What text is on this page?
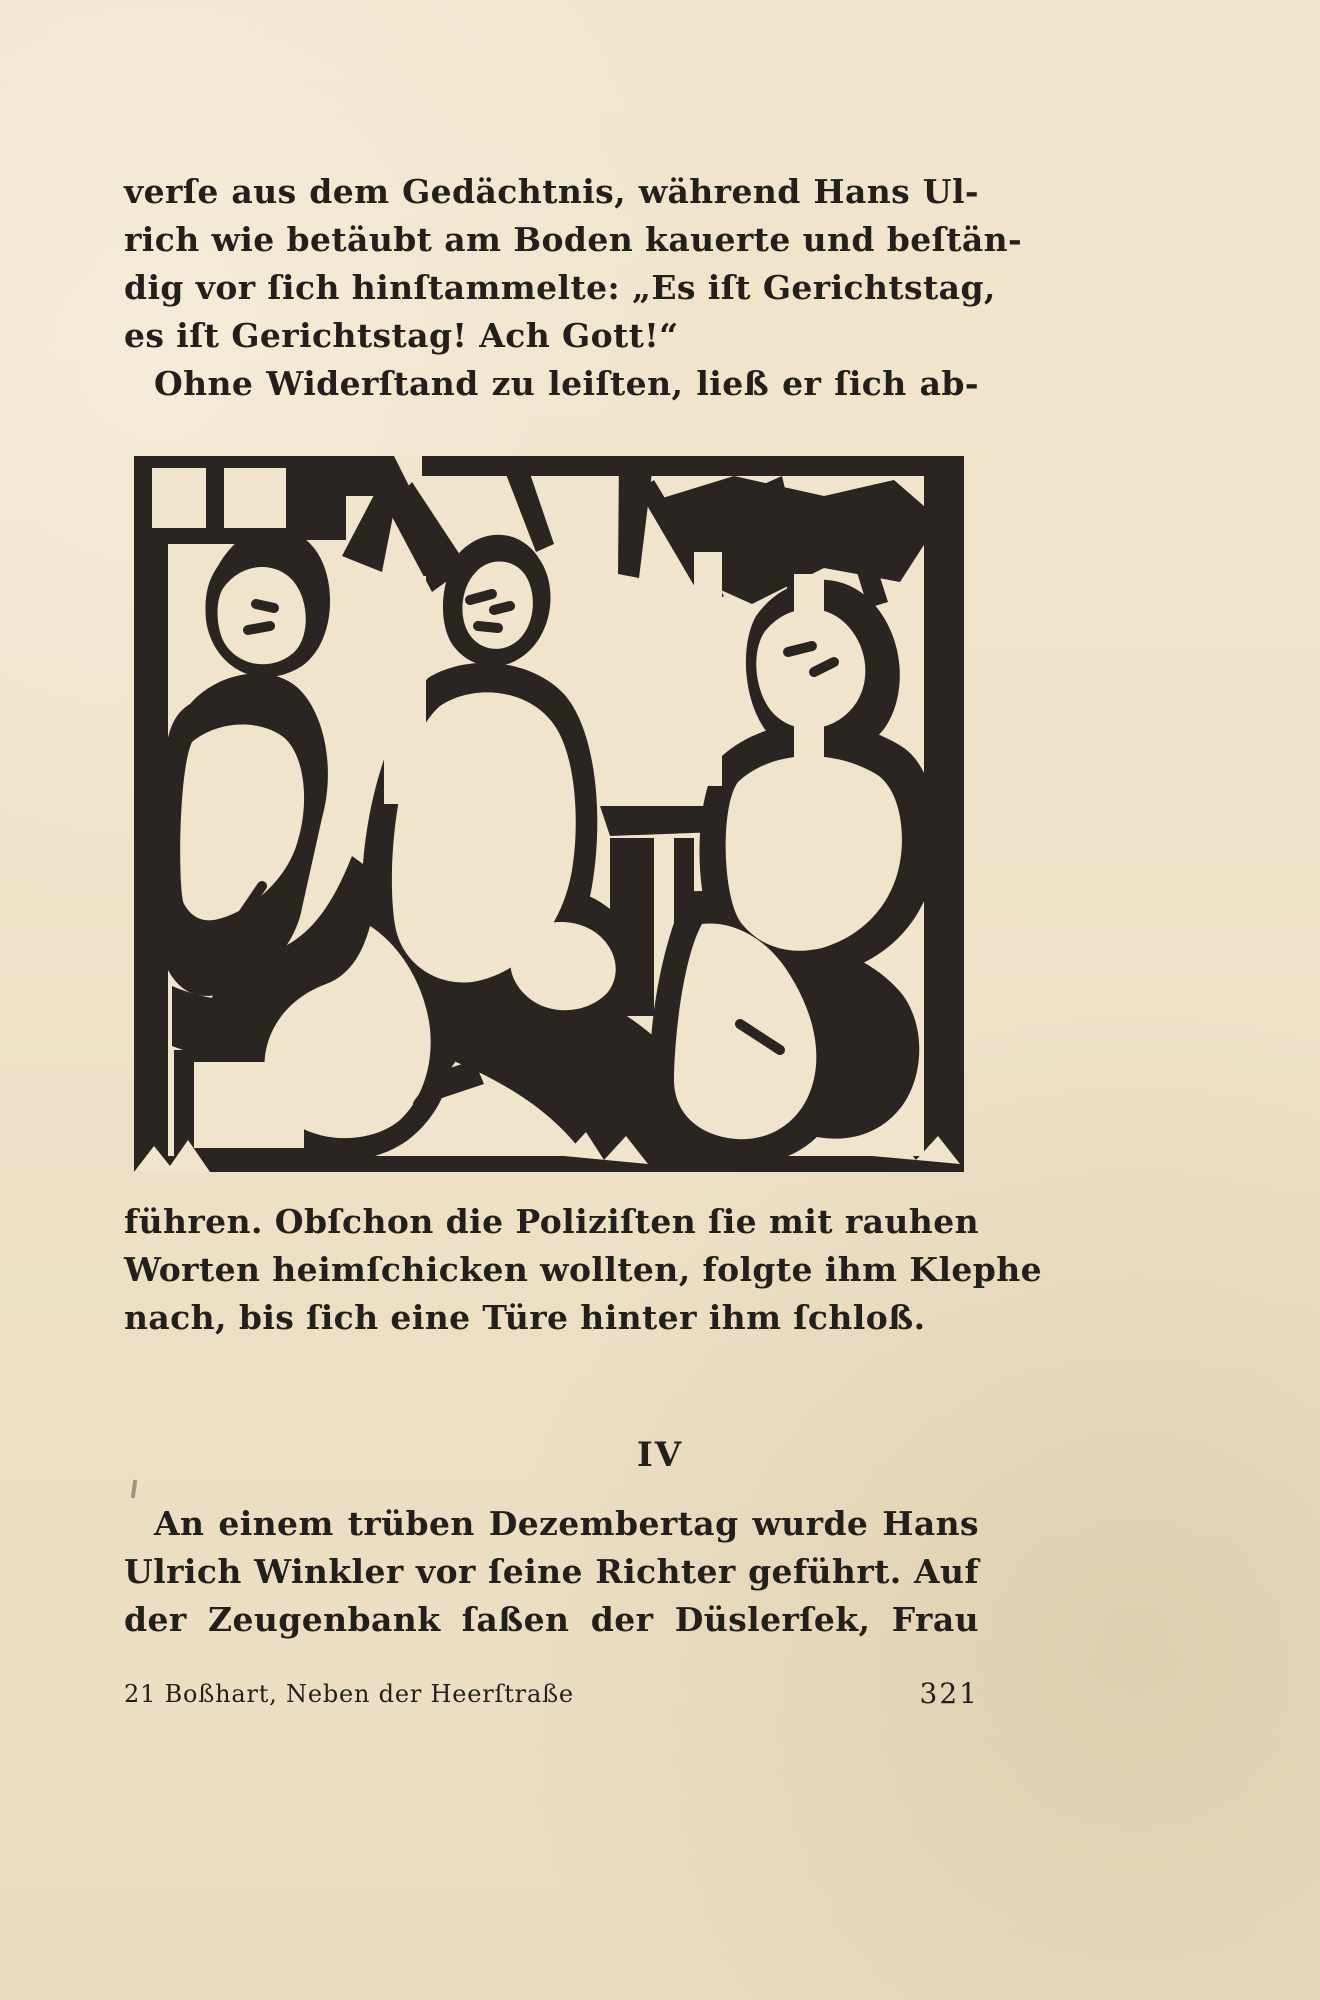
verſe aus dem Gedächtnis, während Hans Ul-
rich wie betäubt am Boden kauerte und beſtän-
dig vor ſich hinſtammelte: „Es iſt Gerichtstag,
es iſt Gerichtstag! Ach Gott!“
Ohne Widerſtand zu leiſten, ließ er ſich ab-
führen. Obſchon die Poliziſten ſie mit rauhen
Worten heimſchicken wollten, folgte ihm Klephe
nach, bis ſich eine Türe hinter ihm ſchloß.
IV
An einem trüben Dezembertag wurde Hans
Ulrich Winkler vor ſeine Richter geführt. Auf
der Zeugenbank ſaßen der Düslerſek, Frau
21 Boßhart, Neben der Heerſtraße	321
